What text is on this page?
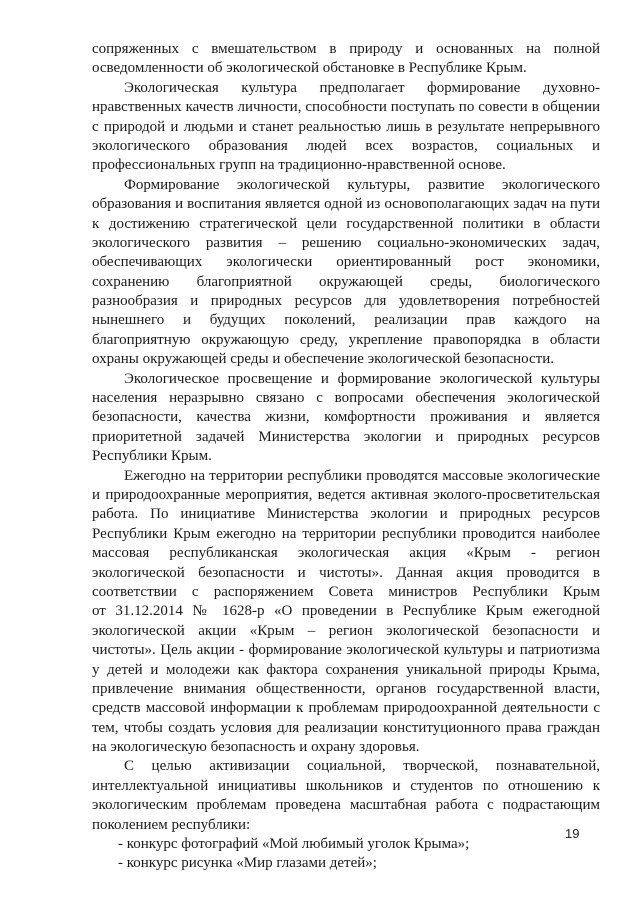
сопряженных с вмешательством в природу и основанных на полной
осведомленности об экологической обстановке в Республике Крым.
Экологическая культура предполагает формирование духовно-
нравственных качеств личности, способности поступать по совести в общении
с природой и людьми и станет реальностью лишь в результате непрерывного
экологического образования людей всех возрастов, социальных и
профессиональных групп на традиционно-нравственной основе.
Формирование экологической культуры, развитие экологического
образования и воспитания является одной из основополагающих задач на пути
к достижению стратегической цели государственной политики в области
экологического развития – решению социально-экономических задач,
обеспечивающих экологически ориентированный рост экономики,
сохранению благоприятной окружающей среды, биологического
разнообразия и природных ресурсов для удовлетворения потребностей
нынешнего и будущих поколений, реализации прав каждого на
благоприятную окружающую среду, укрепление правопорядка в области
охраны окружающей среды и обеспечение экологической безопасности.
Экологическое просвещение и формирование экологической культуры
населения неразрывно связано с вопросами обеспечения экологической
безопасности, качества жизни, комфортности проживания и является
приоритетной задачей Министерства экологии и природных ресурсов
Республики Крым.
Ежегодно на территории республики проводятся массовые экологические
и природоохранные мероприятия, ведется активная эколого-просветительская
работа. По инициативе Министерства экологии и природных ресурсов
Республики Крым ежегодно на территории республики проводится наиболее
массовая республиканская экологическая акция «Крым - регион
экологической безопасности и чистоты». Данная акция проводится в
соответствии с распоряжением Совета министров Республики Крым
от 31.12.2014 № 1628-р «О проведении в Республике Крым ежегодной
экологической акции «Крым – регион экологической безопасности и
чистоты». Цель акции - формирование экологической культуры и патриотизма
у детей и молодежи как фактора сохранения уникальной природы Крыма,
привлечение внимания общественности, органов государственной власти,
средств массовой информации к проблемам природоохранной деятельности с
тем, чтобы создать условия для реализации конституционного права граждан
на экологическую безопасность и охрану здоровья.
С целью активизации социальной, творческой, познавательной,
интеллектуальной инициативы школьников и студентов по отношению к
экологическим проблемам проведена масштабная работа с подрастающим
поколением республики:
- конкурс фотографий «Мой любимый уголок Крыма»;
- конкурс рисунка «Мир глазами детей»;
19
